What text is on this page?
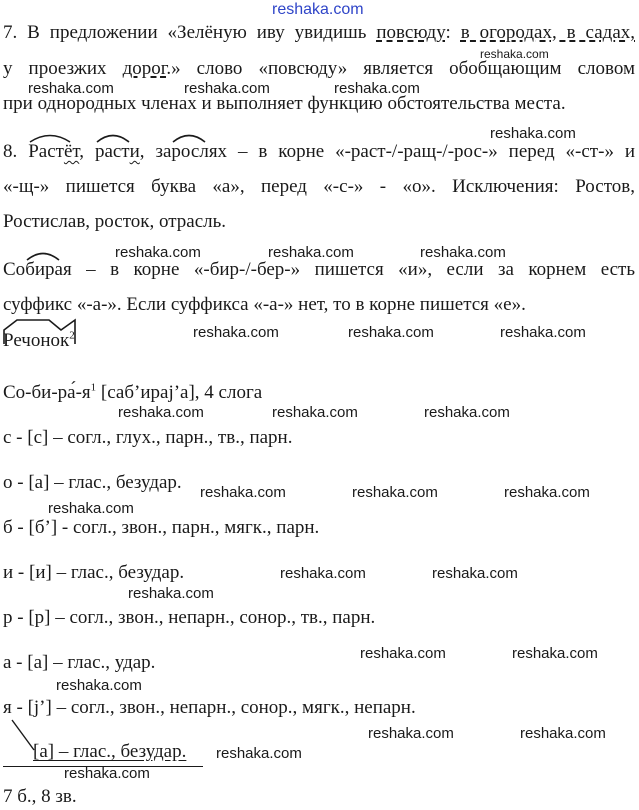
reshaka.com
7. В предложении «Зелёную иву увидишь повсюду: в огородах, в садах,
у проезжих дорог.» слово «повсюду» является обобщающим словом
при однородных членах и выполняет функцию обстоятельства места.
8.
Растёт,
расти, за
рослях – в корне «-раст-/-ращ-/-рос-» перед «-ст-» и
«-щ-» пишется буква «а», перед «-с-» - «о». Исключения: Ростов,
Ростислав, росток, отрасль.
Со
бирая – в корне «-бир-/-бер-» пишется «и», если за корнем есть
суффикс «-а-». Если суффикса «-а-» нет, то в корне пишется «е».
Речонок$^2$
$Со-би-ра́-я^1$ [саб’ирај’а], 4 слога
с - [с] – согл., глух., парн., тв., парн.
о - [а] – глас., безудар.
б - [б’] - согл., звон., парн., мягк., парн.
и - [и] – глас., безудар.
р - [р] – согл., звон., непарн., сонор., тв., парн.
а - [а] – глас., удар.
я - [j’] – согл., звон., непарн., сонор., мягк., непарн.
[а] – глас., безудар.
7 б., 8 зв.
reshaka.com
reshaka.com	reshaka.com	reshaka.com
reshaka.com
reshaka.com	reshaka.com	reshaka.com
reshaka.com	reshaka.com	reshaka.com
reshaka.com	reshaka.com	reshaka.com
reshaka.com	reshaka.com	reshaka.com
reshaka.com
reshaka.com	reshaka.com
reshaka.com
reshaka.com	reshaka.com
reshaka.com
reshaka.com	reshaka.com
reshaka.com
reshaka.com
